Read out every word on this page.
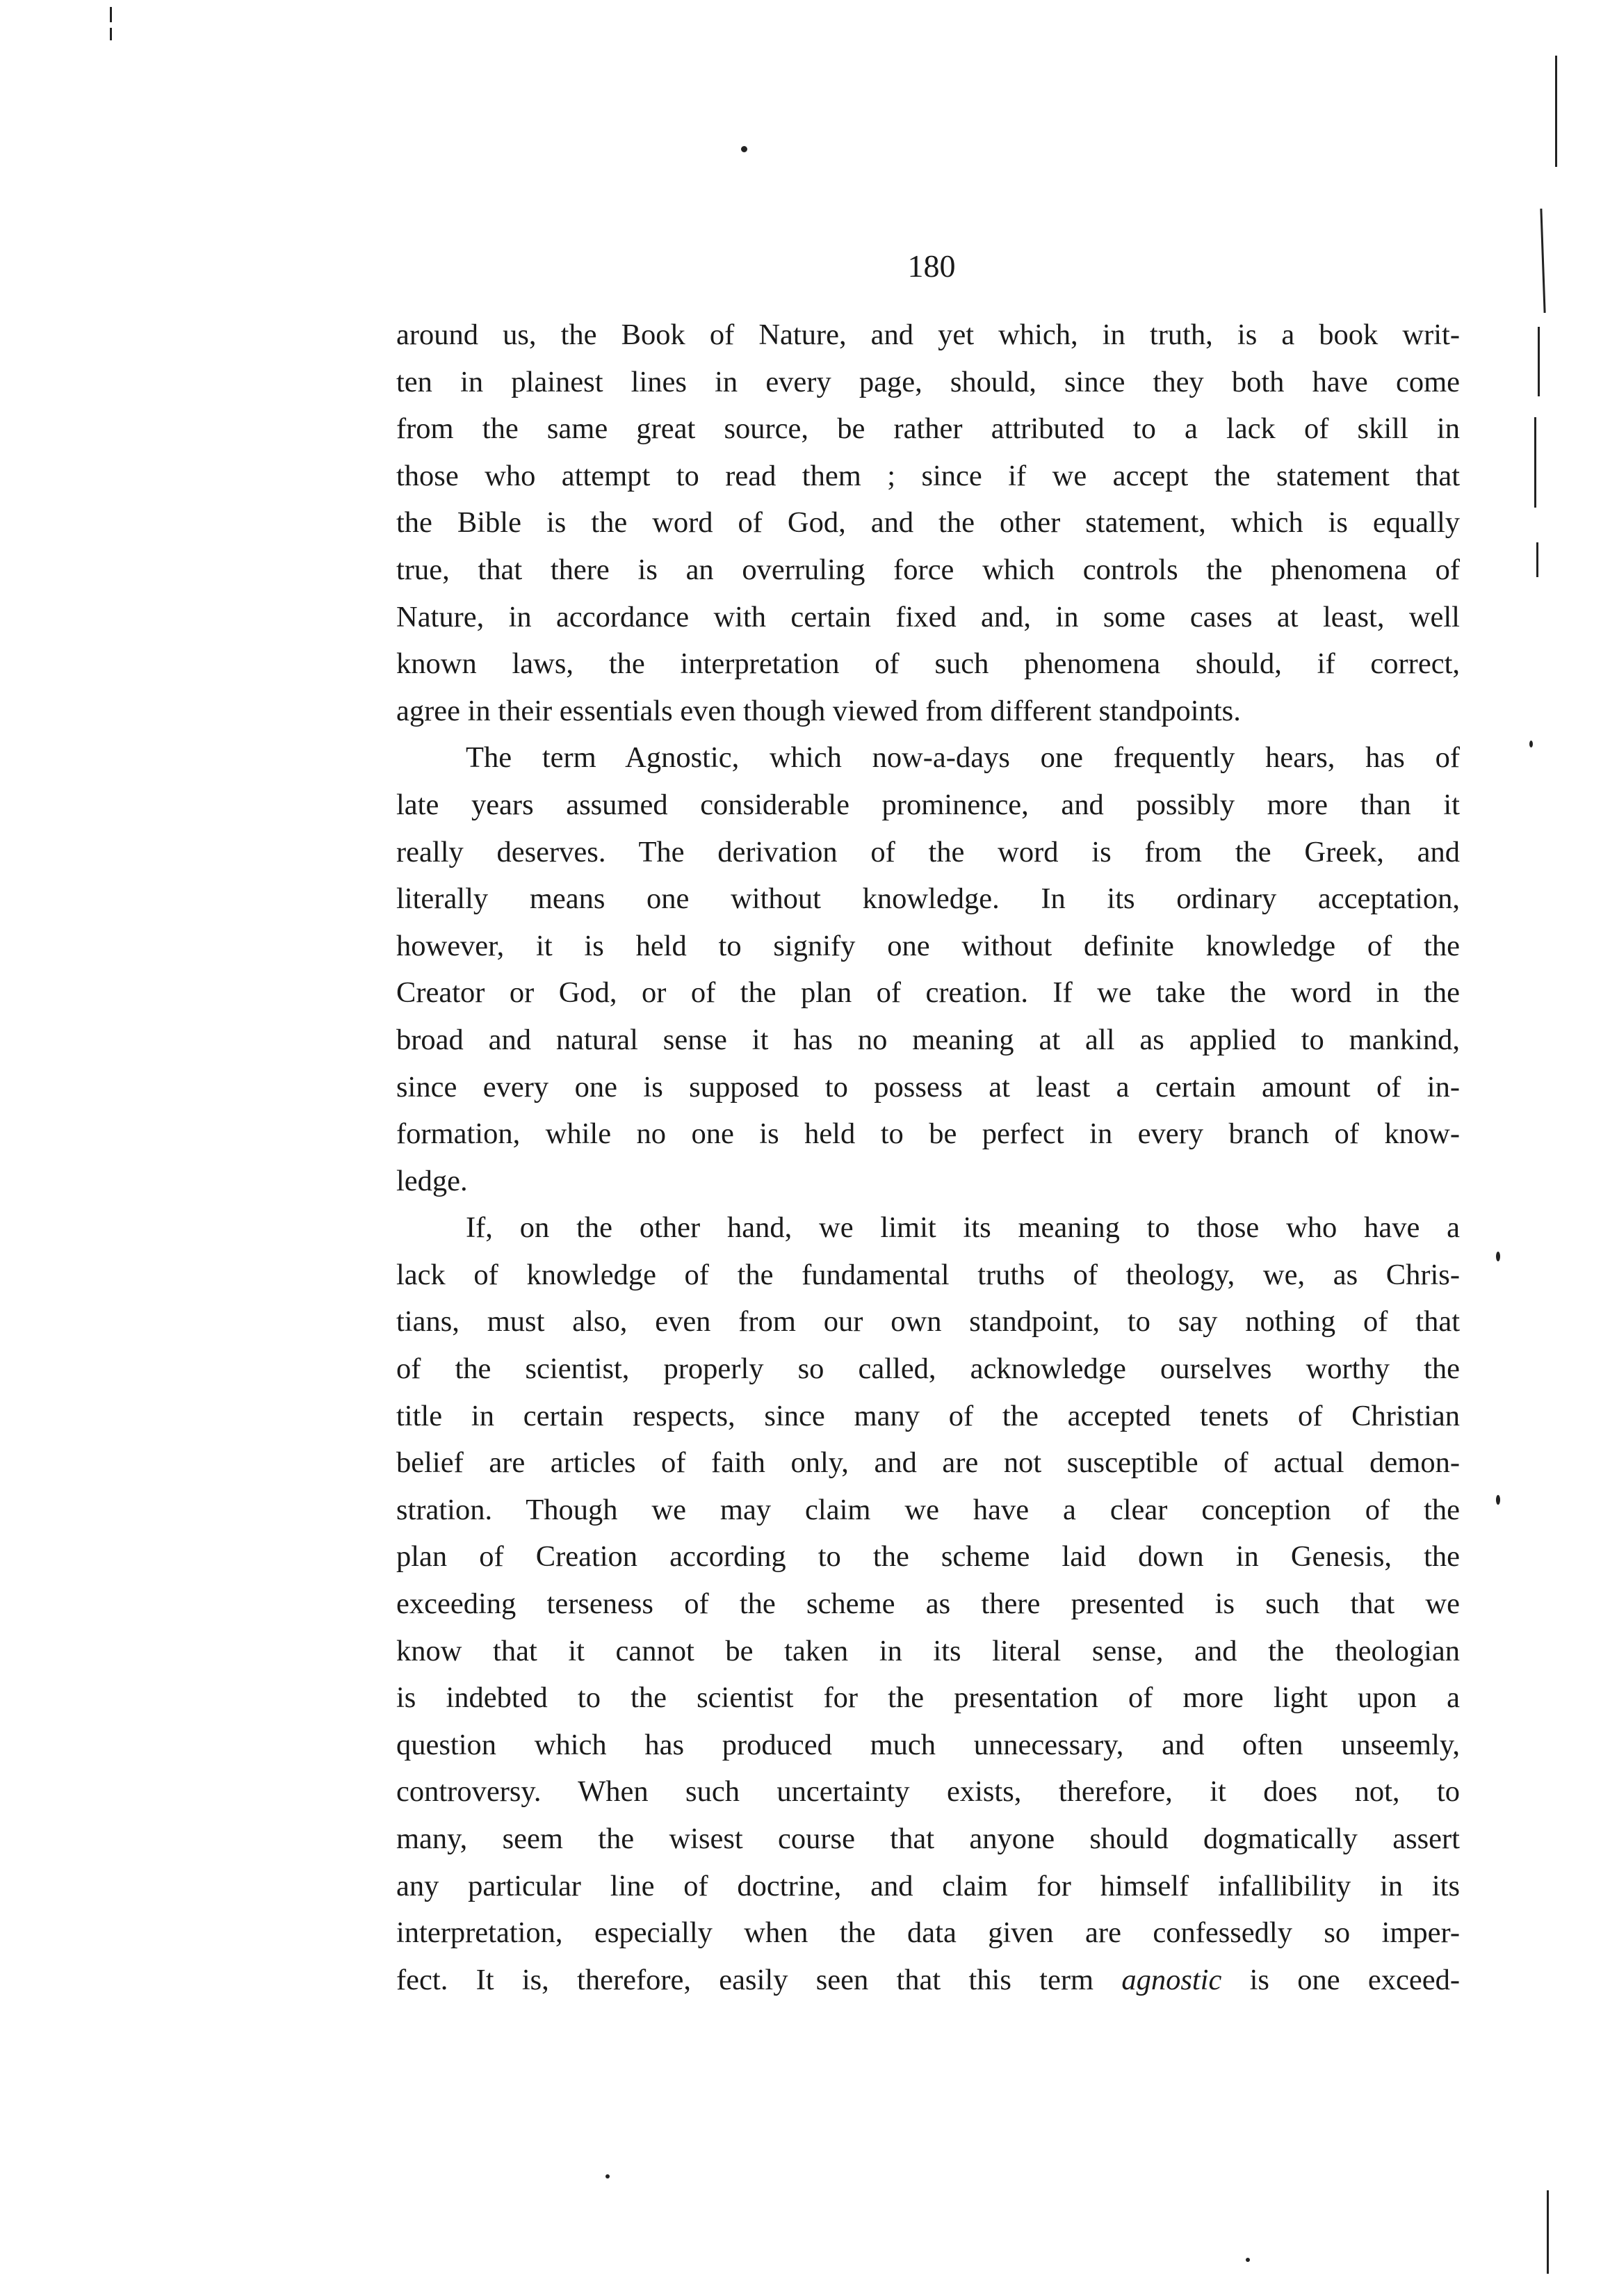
180
around us, the Book of Nature, and yet which, in truth, is a book writ-
ten in plainest lines in every page, should, since they both have come
from the same great source, be rather attributed to a lack of skill in
those who attempt to read them ; since if we accept the statement that
the Bible is the word of God, and the other statement, which is equally
true, that there is an overruling force which controls the phenomena of
Nature, in accordance with certain fixed and, in some cases at least, well
known laws, the interpretation of such phenomena should, if correct,
agree in their essentials even though viewed from different standpoints.
The term Agnostic, which now-a-days one frequently hears, has of
late years assumed considerable prominence, and possibly more than it
really deserves. The derivation of the word is from the Greek, and
literally means one without knowledge. In its ordinary acceptation,
however, it is held to signify one without definite knowledge of the
Creator or God, or of the plan of creation. If we take the word in the
broad and natural sense it has no meaning at all as applied to mankind,
since every one is supposed to possess at least a certain amount of in-
formation, while no one is held to be perfect in every branch of know-
ledge.
If, on the other hand, we limit its meaning to those who have a
lack of knowledge of the fundamental truths of theology, we, as Chris-
tians, must also, even from our own standpoint, to say nothing of that
of the scientist, properly so called, acknowledge ourselves worthy the
title in certain respects, since many of the accepted tenets of Christian
belief are articles of faith only, and are not susceptible of actual demon-
stration. Though we may claim we have a clear conception of the
plan of Creation according to the scheme laid down in Genesis, the
exceeding terseness of the scheme as there presented is such that we
know that it cannot be taken in its literal sense, and the theologian
is indebted to the scientist for the presentation of more light upon a
question which has produced much unnecessary, and often unseemly,
controversy. When such uncertainty exists, therefore, it does not, to
many, seem the wisest course that anyone should dogmatically assert
any particular line of doctrine, and claim for himself infallibility in its
interpretation, especially when the data given are confessedly so imper-
fect. It is, therefore, easily seen that this term agnostic is one exceed-
